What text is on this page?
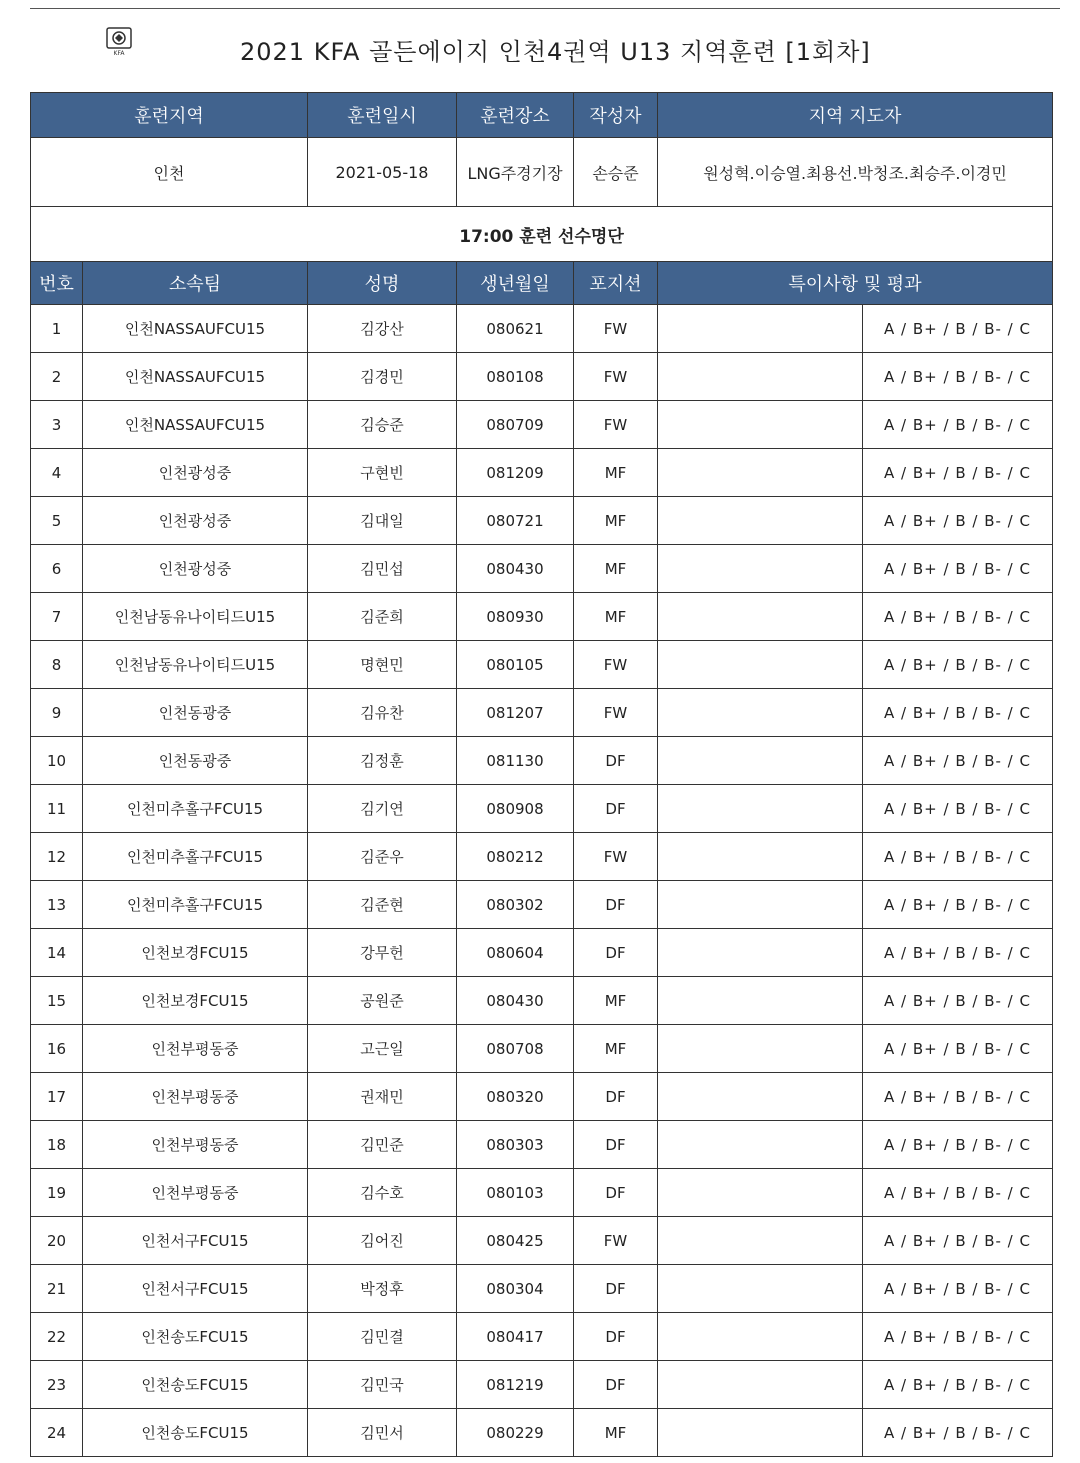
KFA	2021 KFA 골든에이지 인천4권역 U13 지역훈련 [1회차]
훈련지역		훈련일시	훈련장소	작성자	지역 지도자	
인천		2021-05-18	LNG주경기장	손승준	원성혁.이승열.최용선.박청조.최승주.이경민	
17:00 훈련 선수명단						
번호	소속팀	성명	생년월일	포지션	특이사항 및 평과	
1	인천NASSAUFCU15	김강산	080621	FW		A / B+ / B / B- / C
2	인천NASSAUFCU15	김경민	080108	FW		A / B+ / B / B- / C
3	인천NASSAUFCU15	김승준	080709	FW		A / B+ / B / B- / C
4	인천광성중	구현빈	081209	MF		A / B+ / B / B- / C
5	인천광성중	김대일	080721	MF		A / B+ / B / B- / C
6	인천광성중	김민섭	080430	MF		A / B+ / B / B- / C
7	인천남동유나이티드U15	김준희	080930	MF		A / B+ / B / B- / C
8	인천남동유나이티드U15	명현민	080105	FW		A / B+ / B / B- / C
9	인천동광중	김유찬	081207	FW		A / B+ / B / B- / C
10	인천동광중	김정훈	081130	DF		A / B+ / B / B- / C
11	인천미추홀구FCU15	김기연	080908	DF		A / B+ / B / B- / C
12	인천미추홀구FCU15	김준우	080212	FW		A / B+ / B / B- / C
13	인천미추홀구FCU15	김준현	080302	DF		A / B+ / B / B- / C
14	인천보경FCU15	강무헌	080604	DF		A / B+ / B / B- / C
15	인천보경FCU15	공원준	080430	MF		A / B+ / B / B- / C
16	인천부평동중	고근일	080708	MF		A / B+ / B / B- / C
17	인천부평동중	권재민	080320	DF		A / B+ / B / B- / C
18	인천부평동중	김민준	080303	DF		A / B+ / B / B- / C
19	인천부평동중	김수호	080103	DF		A / B+ / B / B- / C
20	인천서구FCU15	김어진	080425	FW		A / B+ / B / B- / C
21	인천서구FCU15	박정후	080304	DF		A / B+ / B / B- / C
22	인천송도FCU15	김민결	080417	DF		A / B+ / B / B- / C
23	인천송도FCU15	김민국	081219	DF		A / B+ / B / B- / C
24	인천송도FCU15	김민서	080229	MF		A / B+ / B / B- / C
